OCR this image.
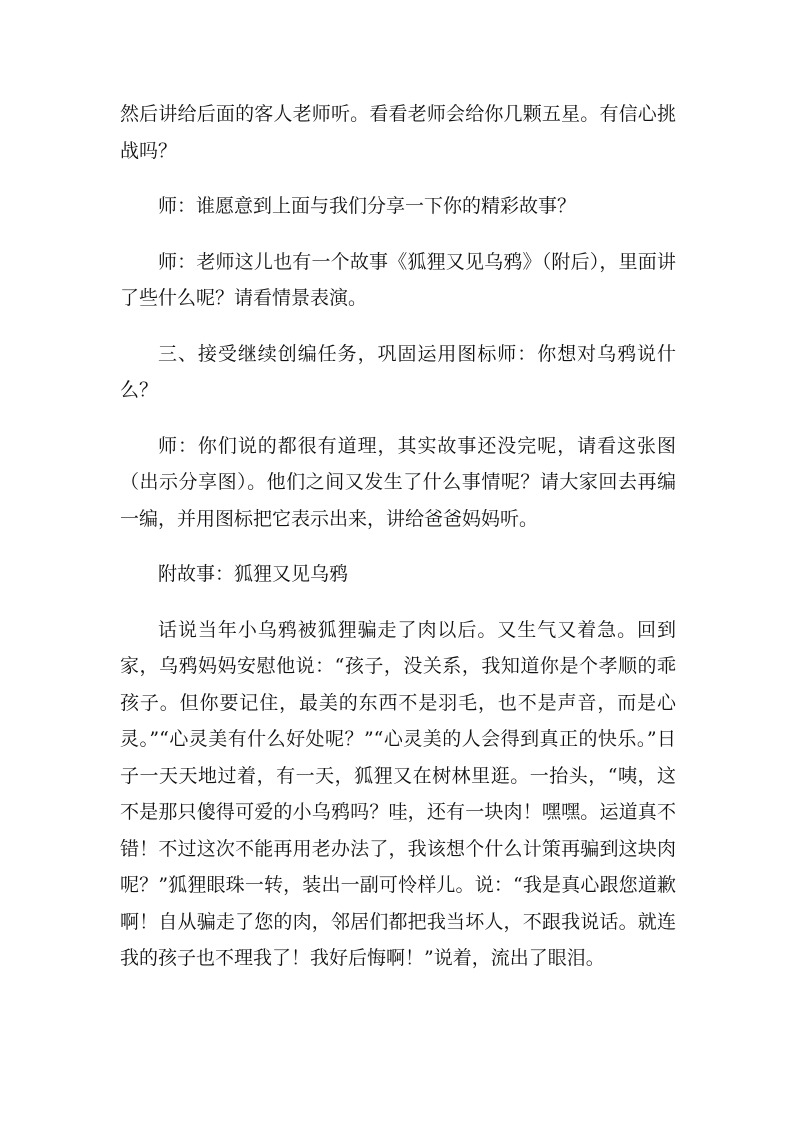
然后讲给后面的客人老师听。看看老师会给你几颗五星。有信心挑战吗？

师：谁愿意到上面与我们分享一下你的精彩故事？

师：老师这儿也有一个故事《狐狸又见乌鸦》（附后），里面讲了些什么呢？请看情景表演。

三、接受继续创编任务，巩固运用图标师：你想对乌鸦说什么？

师：你们说的都很有道理，其实故事还没完呢，请看这张图（出示分享图）。他们之间又发生了什么事情呢？请大家回去再编一编，并用图标把它表示出来，讲给爸爸妈妈听。

附故事：狐狸又见乌鸦

话说当年小乌鸦被狐狸骗走了肉以后。又生气又着急。回到家，乌鸦妈妈安慰他说：“孩子，没关系，我知道你是个孝顺的乖孩子。但你要记住，最美的东西不是羽毛，也不是声音，而是心灵。”“心灵美有什么好处呢？”“心灵美的人会得到真正的快乐。”日子一天天地过着，有一天，狐狸又在树林里逛。一抬头，“咦，这不是那只傻得可爱的小乌鸦吗？哇，还有一块肉！嘿嘿。运道真不错！不过这次不能再用老办法了，我该想个什么计策再骗到这块肉呢？”狐狸眼珠一转，装出一副可怜样儿。说：“我是真心跟您道歉啊！自从骗走了您的肉，邻居们都把我当坏人，不跟我说话。就连我的孩子也不理我了！我好后悔啊！”说着，流出了眼泪。
